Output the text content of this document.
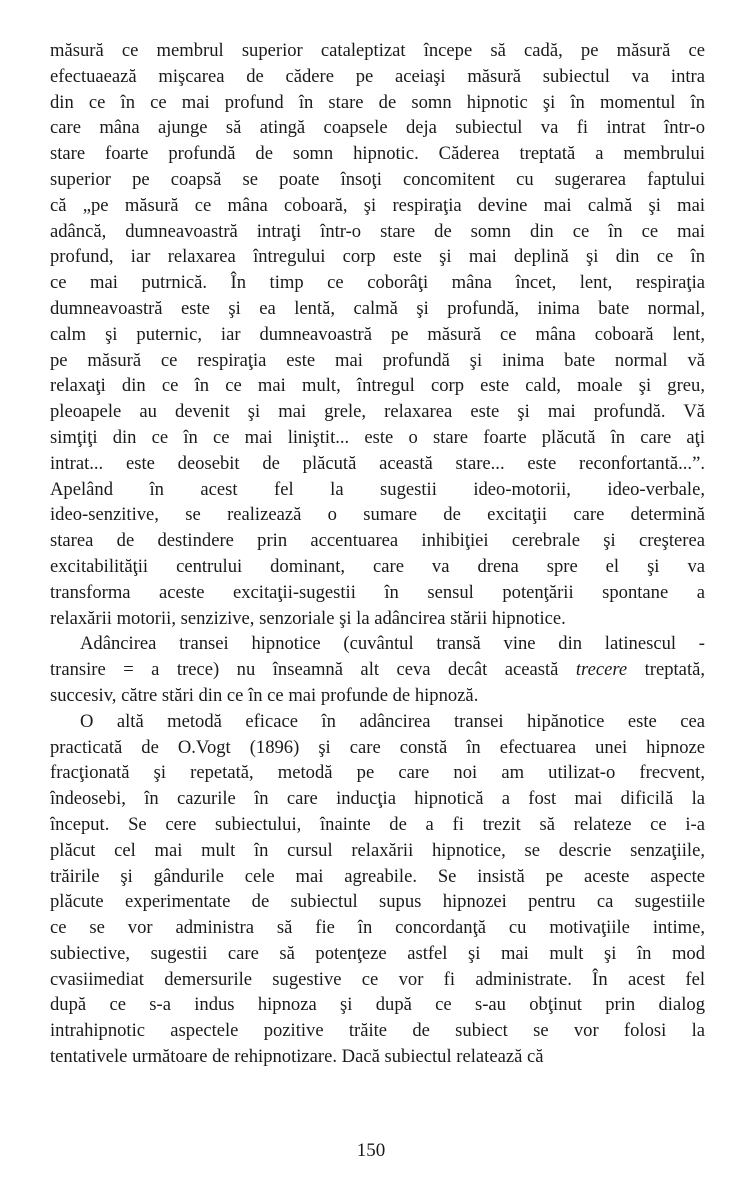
măsură ce membrul superior cataleptizat începe să cadă, pe măsură ce
efectuaează mişcarea de cădere pe aceiaşi măsură subiectul va intra
din ce în ce mai profund în stare de somn hipnotic şi în momentul în
care mâna ajunge să atingă coapsele deja subiectul va fi intrat într-o
stare foarte profundă de somn hipnotic. Căderea treptată a membrului
superior pe coapsă se poate însoţi concomitent cu sugerarea faptului
că „pe măsură ce mâna coboară, şi respiraţia devine mai calmă şi mai
adâncă, dumneavoastră intraţi într-o stare de somn din ce în ce mai
profund, iar relaxarea întregului corp este şi mai deplină şi din ce în
ce mai putrnică. În timp ce coborâţi mâna încet, lent, respiraţia
dumneavoastră este şi ea lentă, calmă şi profundă, inima bate normal,
calm şi puternic, iar dumneavoastră pe măsură ce mâna coboară lent,
pe măsură ce respiraţia este mai profundă şi inima bate normal vă
relaxaţi din ce în ce mai mult, întregul corp este cald, moale şi greu,
pleoapele au devenit şi mai grele, relaxarea este şi mai profundă. Vă
simţiţi din ce în ce mai liniştit... este o stare foarte plăcută în care aţi
intrat... este deosebit de plăcută această stare... este reconfortantă...”.
Apelând în acest fel la sugestii ideo-motorii, ideo-verbale,
ideo-senzitive, se realizează o sumare de excitaţii care determină
starea de destindere prin accentuarea inhibiţiei cerebrale şi creşterea
excitabilităţii centrului dominant, care va drena spre el şi va
transforma aceste excitaţii-sugestii în sensul potenţării spontane a
relaxării motorii, senzizive, senzoriale şi la adâncirea stării hipnotice.
Adâncirea transei hipnotice (cuvântul transă vine din latinescul -
transire = a trece) nu înseamnă alt ceva decât această trecere treptată,
succesiv, către stări din ce în ce mai profunde de hipnoză.
O altă metodă eficace în adâncirea transei hipănotice este cea
practicată de O.Vogt (1896) şi care constă în efectuarea unei hipnoze
fracţionată şi repetată, metodă pe care noi am utilizat-o frecvent,
îndeosebi, în cazurile în care inducţia hipnotică a fost mai dificilă la
început. Se cere subiectului, înainte de a fi trezit să relateze ce i-a
plăcut cel mai mult în cursul relaxării hipnotice, se descrie senzaţiile,
trăirile şi gândurile cele mai agreabile. Se insistă pe aceste aspecte
plăcute experimentate de subiectul supus hipnozei pentru ca sugestiile
ce se vor administra să fie în concordanţă cu motivaţiile intime,
subiective, sugestii care să potenţeze astfel şi mai mult şi în mod
cvasiimediat demersurile sugestive ce vor fi administrate. În acest fel
după ce s-a indus hipnoza şi după ce s-au obţinut prin dialog
intrahipnotic aspectele pozitive trăite de subiect se vor folosi la
tentativele următoare de rehipnotizare. Dacă subiectul relatează că
150
